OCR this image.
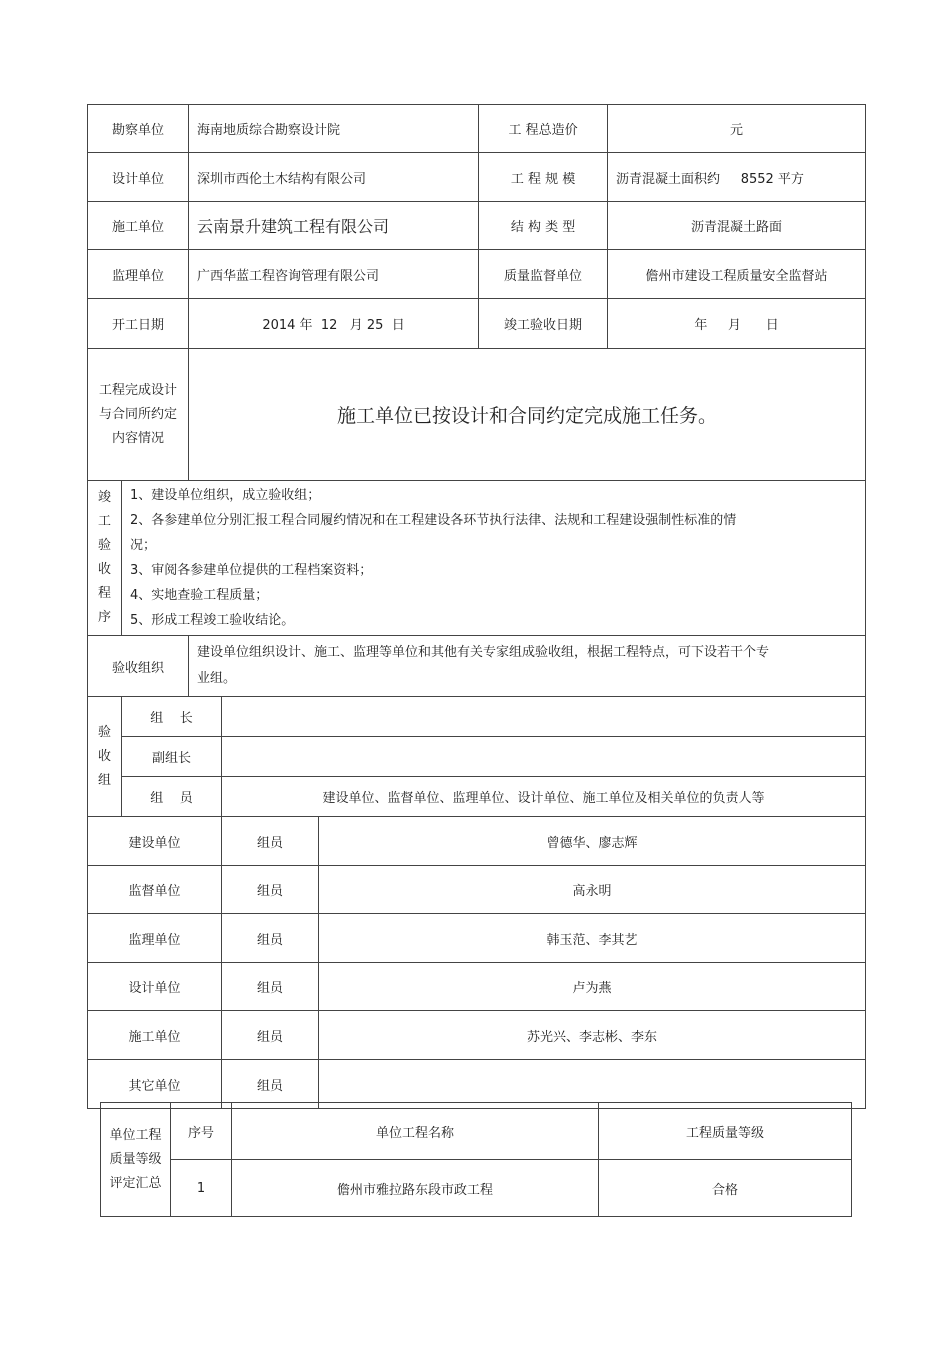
勘察单位		海南地质综合勘察设计院			工 程总造价	元
设计单位		深圳市西伦土木结构有限公司			工 程 规 模	沥青混凝土面积约     8552 平方
施工单位		云南景升建筑工程有限公司			结 构 类 型	沥青混凝土路面
监理单位		广西华蓝工程咨询管理有限公司			质量监督单位	儋州市建设工程质量安全监督站
开工日期		2014 年  12   月 25  日			竣工验收日期	年     月      日
工程完成设计与合同所约定内容情况		施工单位已按设计和合同约定完成施工任务。				
竣工验收程序	1、建设单位组织，成立验收组；
2、各参建单位分别汇报工程合同履约情况和在工程建设各环节执行法律、法规和工程建设强制性标准的情况；
3、审阅各参建单位提供的工程档案资料；
4、实地查验工程质量；
5、形成工程竣工验收结论。					

验收组织		建设单位组织设计、施工、监理等单位和其他有关专家组成验收组，根据工程特点，可下设若干个专业组。				

验收组	组    长					
	副组长					
	组    员		建设单位、监督单位、监理单位、设计单位、施工单位及相关单位的负责人等			
建设单位			组员	曾德华、廖志辉		
监督单位			组员	高永明		
监理单位			组员	韩玉范、李其艺		
设计单位			组员	卢为燕		
施工单位			组员	苏光兴、李志彬、李东		
其它单位			组员			
单位工程质量等级评定汇总	序号	单位工程名称	工程质量等级
	1	儋州市雅拉路东段市政工程	合格
